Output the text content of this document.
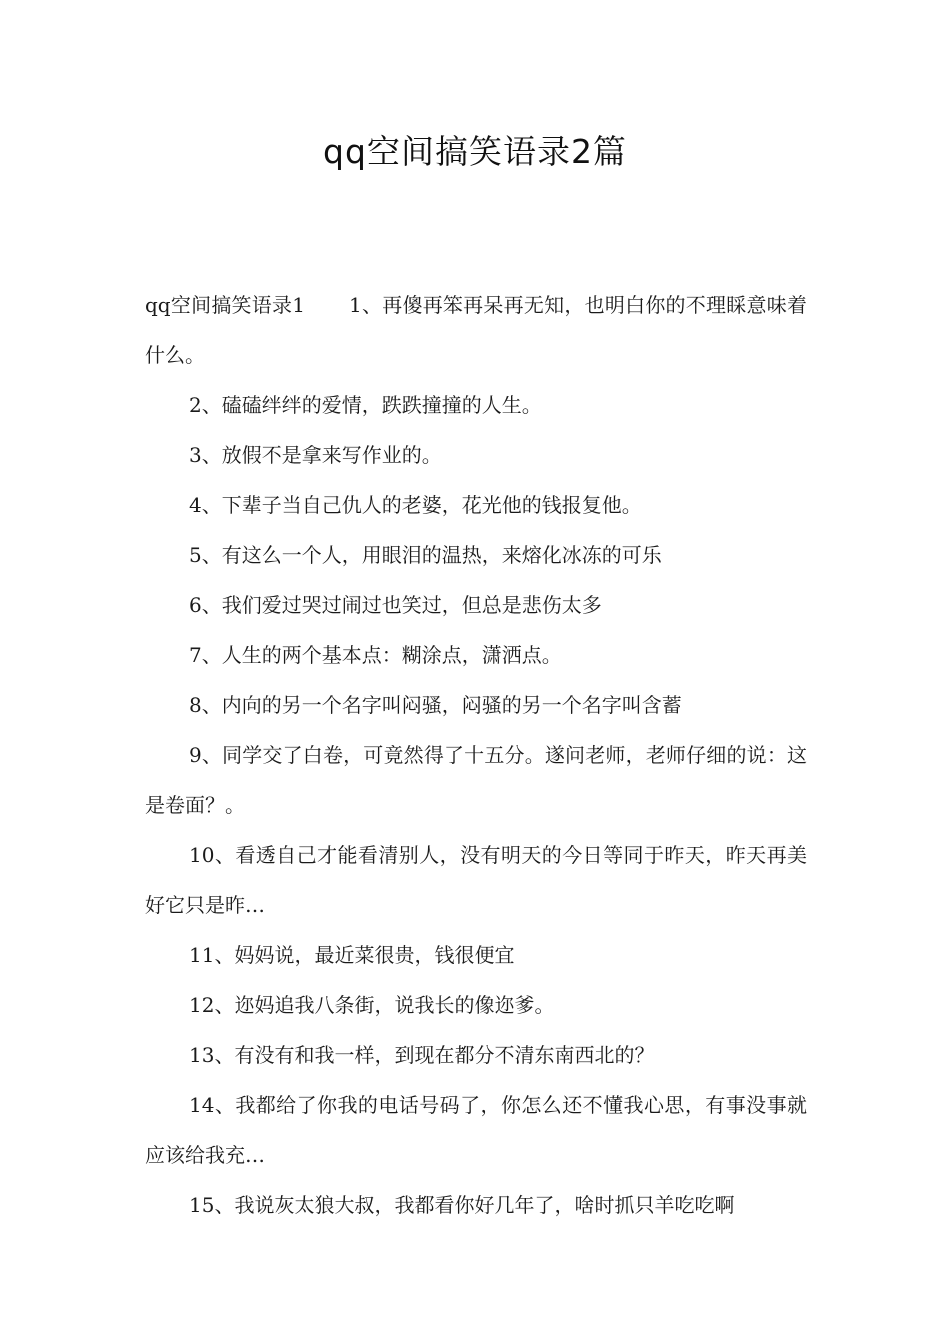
qq空间搞笑语录2篇

qq空间搞笑语录1 1、再傻再笨再呆再无知，也明白你的不理睬意味着什么。

2、磕磕绊绊的爱情，跌跌撞撞的人生。

3、放假不是拿来写作业的。

4、下辈子当自己仇人的老婆，花光他的钱报复他。

5、有这么一个人，用眼泪的温热，来熔化冰冻的可乐

6、我们爱过哭过闹过也笑过，但总是悲伤太多

7、人生的两个基本点：糊涂点，潇洒点。

8、内向的另一个名字叫闷骚，闷骚的另一个名字叫含蓄

9、同学交了白卷，可竟然得了十五分。遂问老师，老师仔细的说：这是卷面？。

10、看透自己才能看清别人，没有明天的今日等同于昨天，昨天再美好它只是昨…

11、妈妈说，最近菜很贵，钱很便宜

12、迩妈追我八条街，说我长的像迩爹。

13、有没有和我一样，到现在都分不清东南西北的？

14、我都给了你我的电话号码了，你怎么还不懂我心思，有事没事就应该给我充…

15、我说灰太狼大叔，我都看你好几年了，啥时抓只羊吃吃啊
